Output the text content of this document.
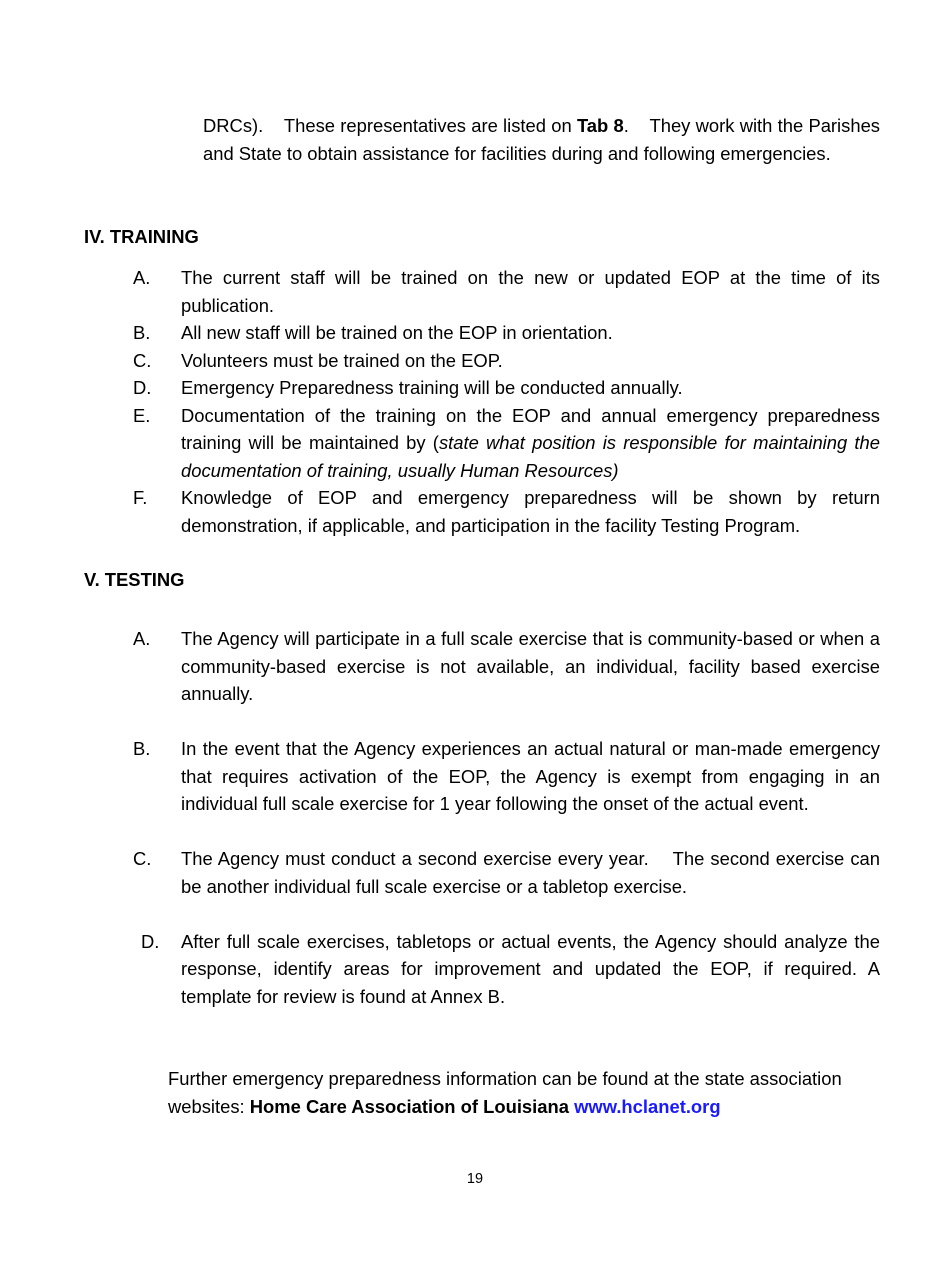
DRCs).    These representatives are listed on Tab 8.    They work with the Parishes and State to obtain assistance for facilities during and following emergencies.

IV. TRAINING
A.	The current staff will be trained on the new or updated EOP at the time of its publication.
B.	All new staff will be trained on the EOP in orientation.
C.	Volunteers must be trained on the EOP.
D.	Emergency Preparedness training will be conducted annually.
E.	Documentation of the training on the EOP and annual emergency preparedness training will be maintained by (state what position is responsible for maintaining the documentation of training, usually Human Resources)
F.	Knowledge of EOP and emergency preparedness will be shown by return demonstration, if applicable, and participation in the facility Testing Program.
V. TESTING
A.	The Agency will participate in a full scale exercise that is community-based or when a community-based exercise is not available, an individual, facility based exercise annually.
B.	In the event that the Agency experiences an actual natural or man-made emergency that requires activation of the EOP, the Agency is exempt from engaging in an individual full scale exercise for 1 year following the onset of the actual event.
C.	The Agency must conduct a second exercise every year.    The second exercise can be another individual full scale exercise or a tabletop exercise.
D.	After full scale exercises, tabletops or actual events, the Agency should analyze the response, identify areas for improvement and updated the EOP, if required. A template for review is found at Annex B.

Further emergency preparedness information can be found at the state association websites: Home Care Association of Louisiana www.hclanet.org

19
